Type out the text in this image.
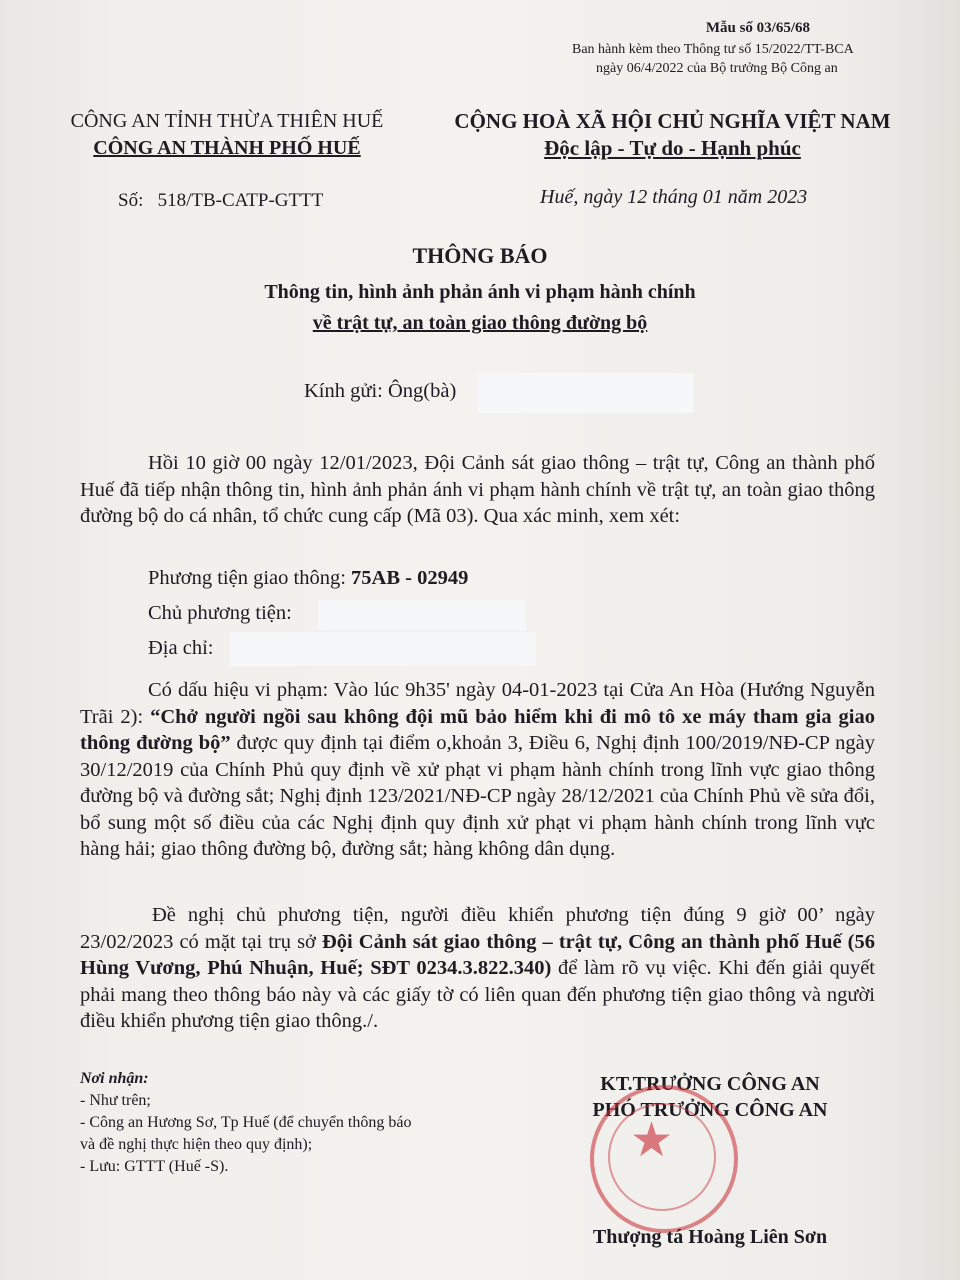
Mẫu số 03/65/68
Ban hành kèm theo Thông tư số 15/2022/TT-BCA
ngày 06/4/2022 của Bộ trưởng Bộ Công an
CÔNG AN TỈNH THỪA THIÊN HUẾ
CÔNG AN THÀNH PHỐ HUẾ
CỘNG HOÀ XÃ HỘI CHỦ NGHĨA VIỆT NAM
Độc lập - Tự do - Hạnh phúc
Số: 518/TB-CATP-GTTT	Huế, ngày 12 tháng 01 năm 2023
THÔNG BÁO
Thông tin, hình ảnh phản ánh vi phạm hành chính
về trật tự, an toàn giao thông đường bộ
Kính gửi: Ông(bà)
Hồi 10 giờ 00 ngày 12/01/2023, Đội Cảnh sát giao thông – trật tự, Công an thành phố Huế đã tiếp nhận thông tin, hình ảnh phản ánh vi phạm hành chính về trật tự, an toàn giao thông đường bộ do cá nhân, tổ chức cung cấp (Mã 03). Qua xác minh, xem xét:
Phương tiện giao thông: 75AB - 02949
Chủ phương tiện:
Địa chỉ:
Có dấu hiệu vi phạm: Vào lúc 9h35' ngày 04-01-2023 tại Cửa An Hòa (Hướng Nguyễn Trãi 2): “Chở người ngồi sau không đội mũ bảo hiểm khi đi mô tô xe máy tham gia giao thông đường bộ” được quy định tại điểm o,khoản 3, Điều 6, Nghị định 100/2019/NĐ-CP ngày 30/12/2019 của Chính Phủ quy định về xử phạt vi phạm hành chính trong lĩnh vực giao thông đường bộ và đường sắt; Nghị định 123/2021/NĐ-CP ngày 28/12/2021 của Chính Phủ về sửa đổi, bổ sung một số điều của các Nghị định quy định xử phạt vi phạm hành chính trong lĩnh vực hàng hải; giao thông đường bộ, đường sắt; hàng không dân dụng.
Đề nghị chủ phương tiện, người điều khiển phương tiện đúng 9 giờ 00’ ngày 23/02/2023 có mặt tại trụ sở Đội Cảnh sát giao thông – trật tự, Công an thành phố Huế (56 Hùng Vương, Phú Nhuận, Huế; SĐT 0234.3.822.340) để làm rõ vụ việc. Khi đến giải quyết phải mang theo thông báo này và các giấy tờ có liên quan đến phương tiện giao thông và người điều khiển phương tiện giao thông./.
Nơi nhận:
- Như trên;
- Công an Hương Sơ, Tp Huế (để chuyển thông báo
và đề nghị thực hiện theo quy định);
- Lưu: GTTT (Huế -S).
KT.TRƯỞNG CÔNG AN
PHÓ TRƯỞNG CÔNG AN
★
Thượng tá Hoàng Liên Sơn
